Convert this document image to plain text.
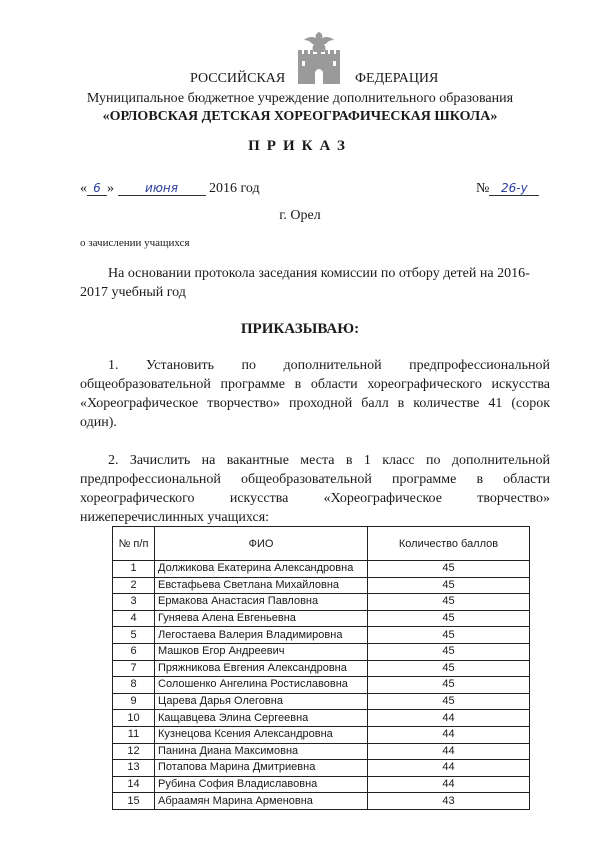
РОССИЙСКАЯ	ФЕДЕРАЦИЯ
Муниципальное бюджетное учреждение дополнительного образования
«ОРЛОВСКАЯ ДЕТСКАЯ ХОРЕОГРАФИЧЕСКАЯ ШКОЛА»
ПРИКАЗ
« 6 »	июня 2016 год	№ 26-у
г. Орел
о зачислении учащихся
На основании протокола заседания комиссии по отбору детей на 2016-2017 учебный год
ПРИКАЗЫВАЮ:
1. Установить по дополнительной предпрофессиональной общеобразовательной программе в области хореографического искусства «Хореографическое творчество» проходной балл в количестве 41 (сорок один).
2. Зачислить на вакантные места в 1 класс по дополнительной предпрофессиональной общеобразовательной программе в области хореографического искусства «Хореографическое творчество» нижеперечислинных учащихся:
№ п/п	ФИО	Количество баллов
1	Должикова Екатерина Александровна	45
2	Евстафьева Светлана Михайловна	45
3	Ермакова Анастасия Павловна	45
4	Гуняева Алена Евгеньевна	45
5	Легостаева Валерия Владимировна	45
6	Машков Егор Андреевич	45
7	Пряжникова Евгения Александровна	45
8	Солошенко Ангелина Ростиславовна	45
9	Царева Дарья Олеговна	45
10	Кащавцева Элина Сергеевна	44
11	Кузнецова Ксения Александровна	44
12	Панина Диана Максимовна	44
13	Потапова Марина Дмитриевна	44
14	Рубина София Владиславовна	44
15	Абраамян Марина Арменовна	43
